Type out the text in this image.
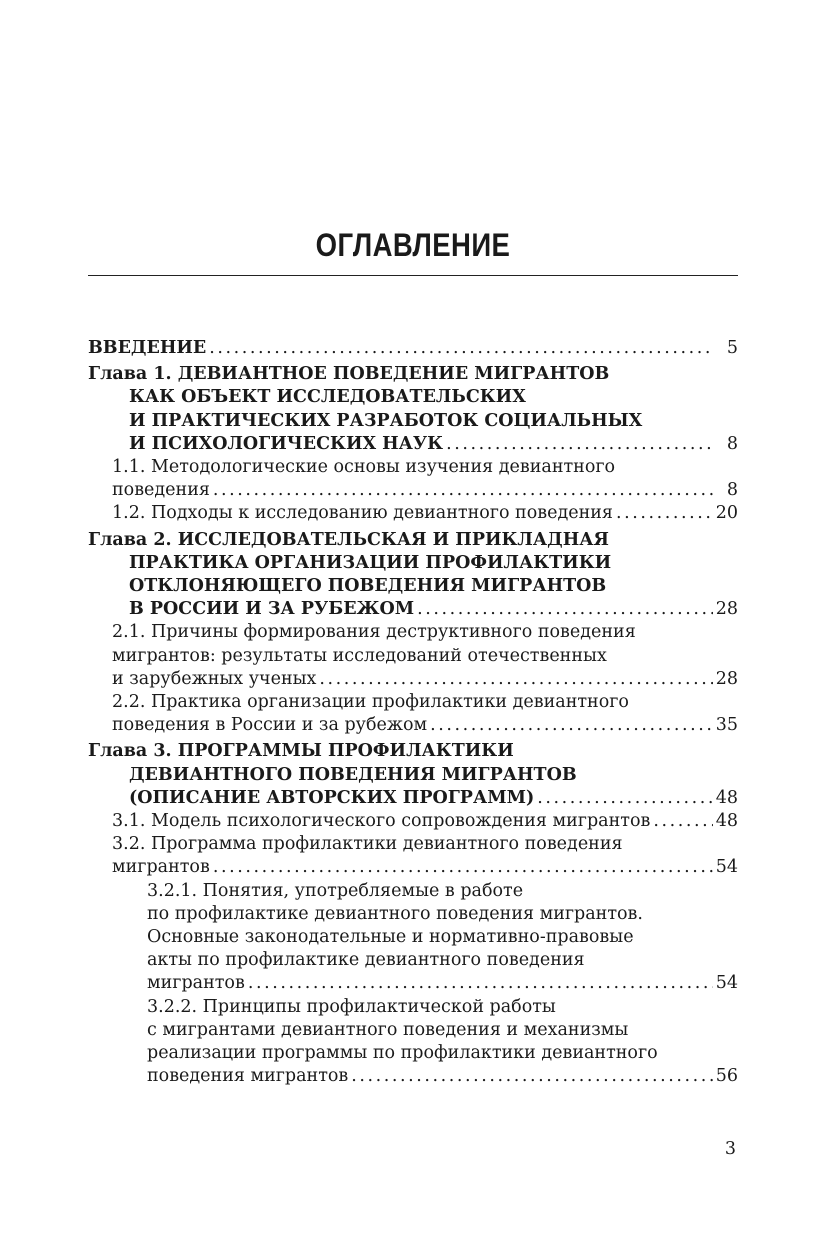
ОГЛАВЛЕНИЕ
ВВЕДЕНИЕ . . .	5
Глава 1. ДЕВИАНТНОЕ ПОВЕДЕНИЕ МИГРАНТОВ
КАК ОБЪЕКТ ИССЛЕДОВАТЕЛЬСКИХ
И ПРАКТИЧЕСКИХ РАЗРАБОТОК СОЦИАЛЬНЫХ
И ПСИХОЛОГИЧЕСКИХ НАУК . . .	8
1.1. Методологические основы изучения девиантного
поведения . . .	8
1.2. Подходы к исследованию девиантного поведения . . .	20
Глава 2. ИССЛЕДОВАТЕЛЬСКАЯ И ПРИКЛАДНАЯ
ПРАКТИКА ОРГАНИЗАЦИИ ПРОФИЛАКТИКИ
ОТКЛОНЯЮЩЕГО ПОВЕДЕНИЯ МИГРАНТОВ
В РОССИИ И ЗА РУБЕЖОМ . . .	28
2.1. Причины формирования деструктивного поведения
мигрантов: результаты исследований отечественных
и зарубежных ученых . . .	28
2.2. Практика организации профилактики девиантного
поведения в России и за рубежом . . .	35
Глава 3. ПРОГРАММЫ ПРОФИЛАКТИКИ
ДЕВИАНТНОГО ПОВЕДЕНИЯ МИГРАНТОВ
(ОПИСАНИЕ АВТОРСКИХ ПРОГРАММ) . . .	48
3.1. Модель психологического сопровождения мигрантов . . .	48
3.2. Программа профилактики девиантного поведения
мигрантов . . .	54
3.2.1. Понятия, употребляемые в работе
по профилактике девиантного поведения мигрантов.
Основные законодательные и нормативно-правовые
акты по профилактике девиантного поведения
мигрантов . . .	54
3.2.2. Принципы профилактической работы
с мигрантами девиантного поведения и механизмы
реализации программы по профилактики девиантного
поведения мигрантов . . .	56
3
